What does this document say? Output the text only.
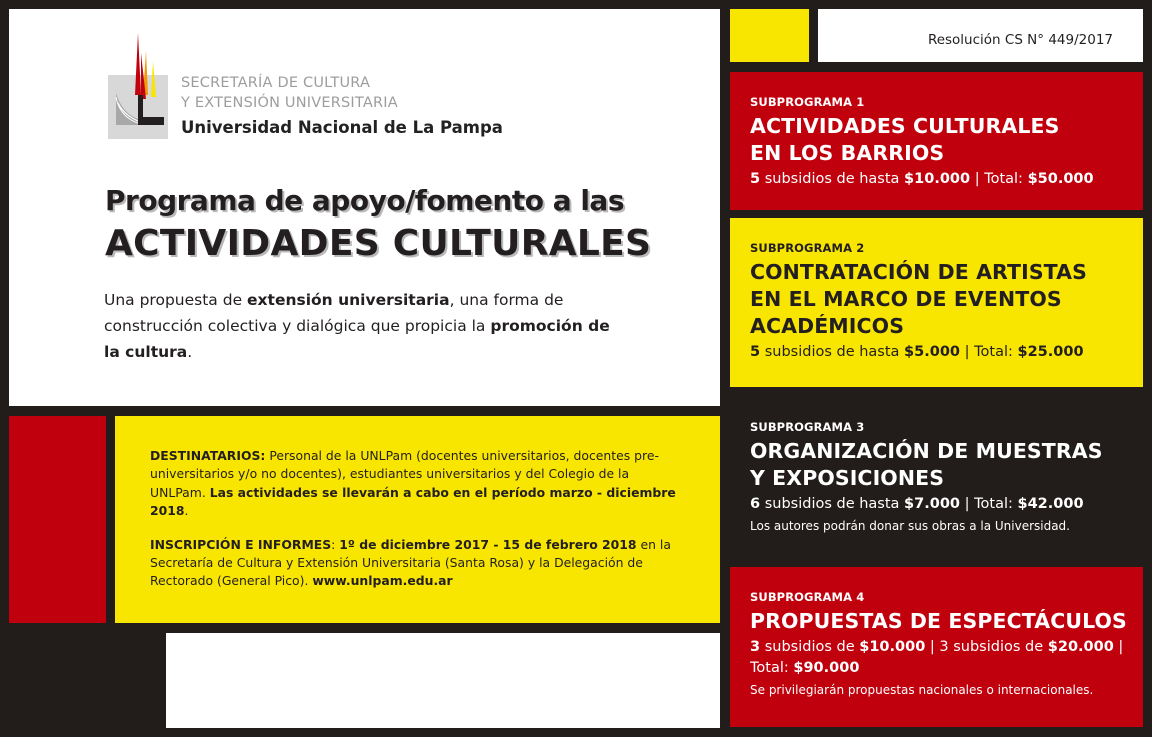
SECRETARÍA DE CULTURA
Y EXTENSIÓN UNIVERSITARIA
Universidad Nacional de La Pampa
Programa de apoyo/fomento a las
ACTIVIDADES CULTURALES

Una propuesta de extensión universitaria, una forma de construcción colectiva y dialógica que propicia la promoción de la cultura.

DESTINATARIOS: Personal de la UNLPam (docentes universitarios, docentes pre-universitarios y/o no docentes), estudiantes universitarios y del Colegio de la UNLPam. Las actividades se llevarán a cabo en el período marzo - diciembre 2018.

INSCRIPCIÓN E INFORMES: 1º de diciembre 2017 - 15 de febrero 2018 en la Secretaría de Cultura y Extensión Universitaria (Santa Rosa) y la Delegación de Rectorado (General Pico). www.unlpam.edu.ar

Resolución CS N° 449/2017
SUBPROGRAMA 1
ACTIVIDADES CULTURALES
EN LOS BARRIOS
5 subsidios de hasta $10.000 | Total: $50.000
SUBPROGRAMA 2
CONTRATACIÓN DE ARTISTAS
EN EL MARCO DE EVENTOS
ACADÉMICOS
5 subsidios de hasta $5.000 | Total: $25.000
SUBPROGRAMA 3
ORGANIZACIÓN DE MUESTRAS
Y EXPOSICIONES
6 subsidios de hasta $7.000 | Total: $42.000
Los autores podrán donar sus obras a la Universidad.
SUBPROGRAMA 4
PROPUESTAS DE ESPECTÁCULOS
3 subsidios de $10.000 | 3 subsidios de $20.000 | Total: $90.000
Se privilegiarán propuestas nacionales o internacionales.
